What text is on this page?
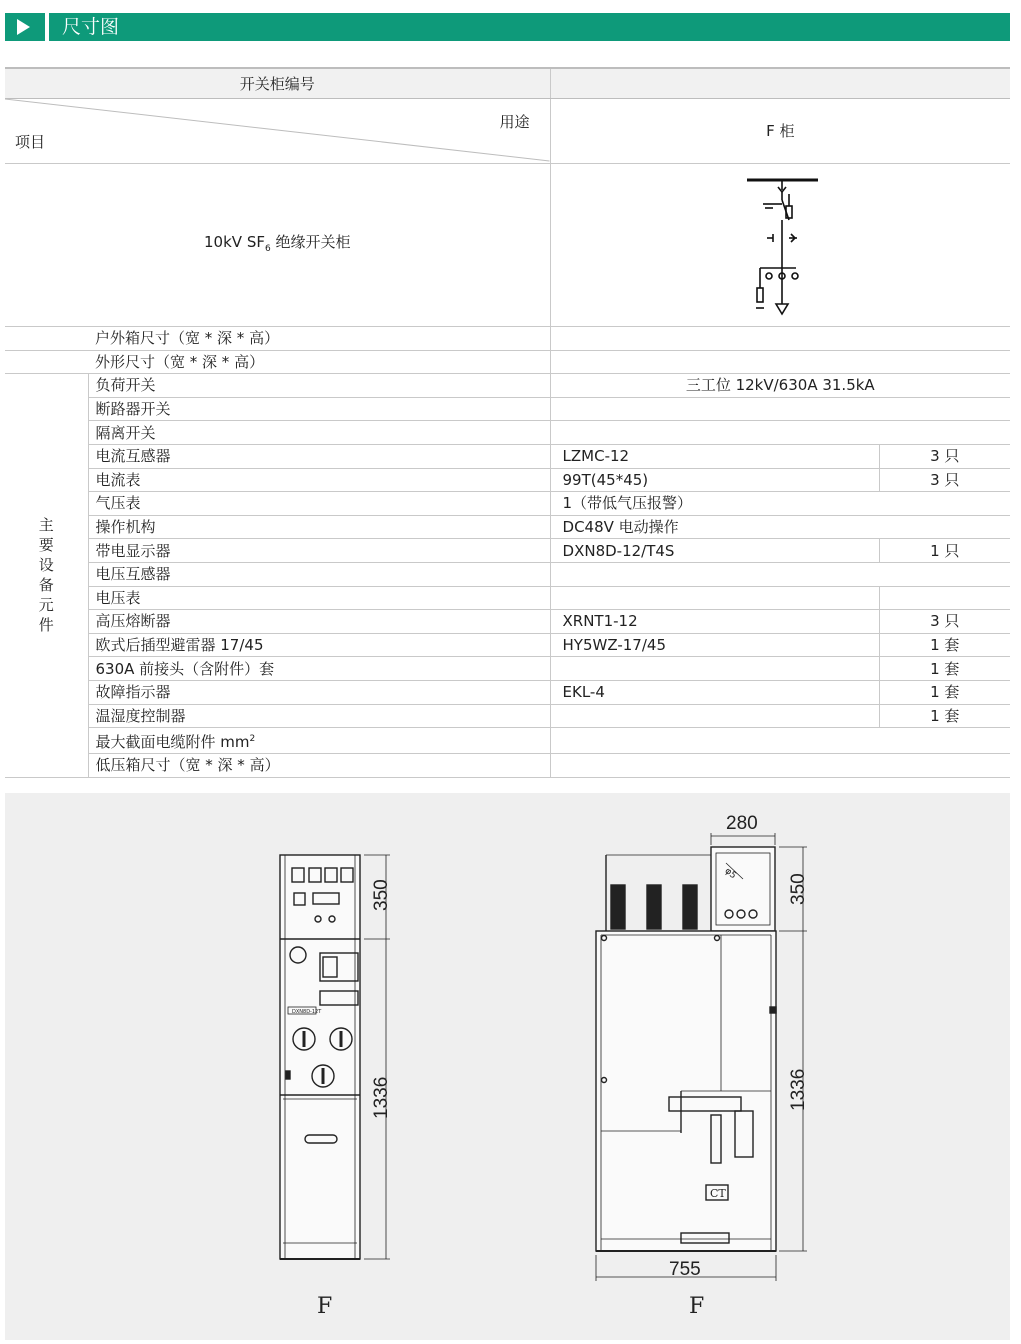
尺寸图
开关柜编号			

用途
项目		F 柜	
10kV $SF_6$ 绝缘开关柜	
	户外箱尺寸（宽 * 深 * 高）		
	外形尺寸（宽 * 深 * 高）		
主要设备元件	负荷开关	三工位 12kV/630A 31.5kA	
	断路器开关		
	隔离开关		
	电流互感器	LZMC-12	3 只
	电流表	99T(45*45)	3 只
	气压表	1（带低气压报警）	
	操作机构	DC48V 电动操作	
	带电显示器	DXN8D-12/T4S	1 只
	电压互感器		
	电压表		
	高压熔断器	XRNT1-12	3 只
	欧式后插型避雷器 17/45	HY5WZ-17/45	1 套
	630A 前接头（含附件）套		1 套
	故障指示器	EKL-4	1 套
	温湿度控制器		1 套
	最大截面电缆附件 $mm^2$	
	低压箱尺寸（宽 * 深 * 高）		
DXN8D-12T
350
1336
F
φ5
CT
280
350
1336
755
F
